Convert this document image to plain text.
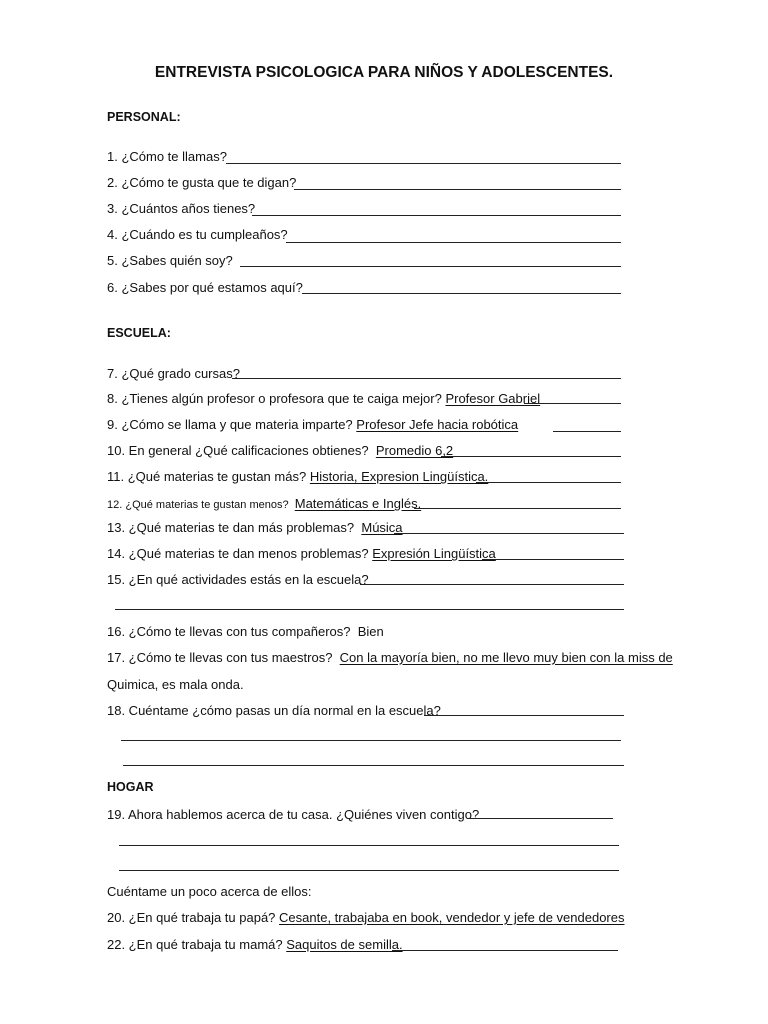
ENTREVISTA PSICOLOGICA PARA NIÑOS Y ADOLESCENTES.
PERSONAL:
1. ¿Cómo te llamas?
2. ¿Cómo te gusta que te digan?
3. ¿Cuántos años tienes?
4. ¿Cuándo es tu cumpleaños?
5. ¿Sabes quién soy?
6. ¿Sabes por qué estamos aquí?
ESCUELA:
7. ¿Qué grado cursas?
8. ¿Tienes algún profesor o profesora que te caiga mejor? Profesor Gabriel
9. ¿Cómo se llama y que materia imparte? Profesor Jefe hacia robótica
10. En general ¿Qué calificaciones obtienes? Promedio 6,2
11. ¿Qué materias te gustan más? Historia, Expresion Lingüística.
12. ¿Qué materias te gustan menos? Matemáticas e Inglés.
13. ¿Qué materias te dan más problemas? Música
14. ¿Qué materias te dan menos problemas? Expresión Lingüística
15. ¿En qué actividades estás en la escuela?
16. ¿Cómo te llevas con tus compañeros? Bien
17. ¿Cómo te llevas con tus maestros? Con la mayoría bien, no me llevo muy bien con la miss de
Quimica, es mala onda.
18. Cuéntame ¿cómo pasas un día normal en la escuela?
HOGAR
19. Ahora hablemos acerca de tu casa. ¿Quiénes viven contigo?
Cuéntame un poco acerca de ellos:
20. ¿En qué trabaja tu papá? Cesante, trabajaba en book, vendedor y jefe de vendedores
22. ¿En qué trabaja tu mamá? Saquitos de semilla.
